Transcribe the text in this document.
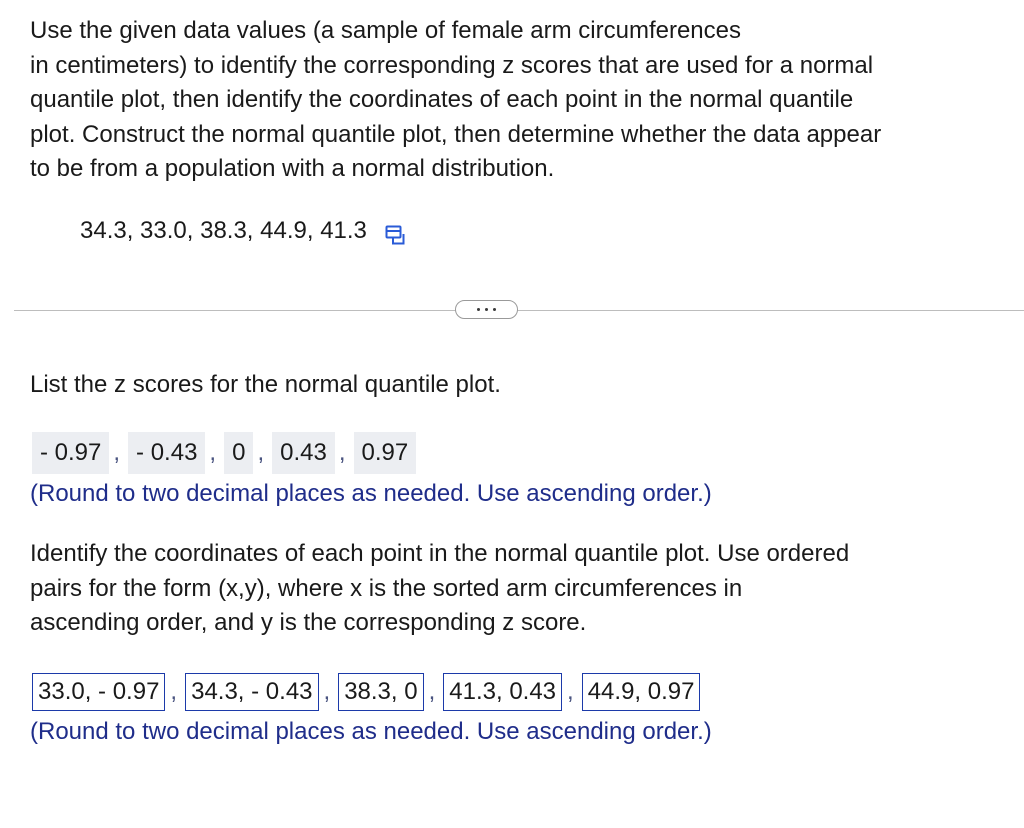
Use the given data values (a sample of female arm circumferences
in centimeters) to identify the corresponding z scores that are used for a normal
quantile plot, then identify the coordinates of each point in the normal quantile
plot. Construct the normal quantile plot, then determine whether the data appear
to be from a population with a normal distribution.

34.3, 33.0, 38.3, 44.9, 41.3

List the z scores for the normal quantile plot.

- 0.97 , - 0.43 , 0 , 0.43 , 0.97

(Round to two decimal places as needed. Use ascending order.)

Identify the coordinates of each point in the normal quantile plot. Use ordered
pairs for the form (x,y), where x is the sorted arm circumferences in
ascending order, and y is the corresponding z score.

33.0, - 0.97 , 34.3, - 0.43 , 38.3, 0 , 41.3, 0.43 , 44.9, 0.97

(Round to two decimal places as needed. Use ascending order.)
